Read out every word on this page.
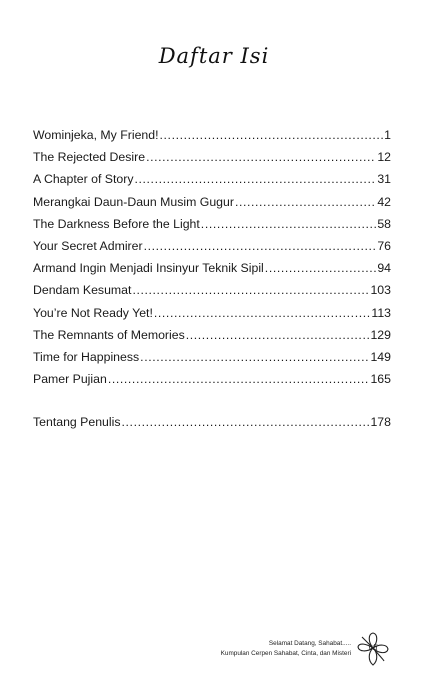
Daftar Isi
Wominjeka, My Friend! .....	1
The Rejected Desire .....	12
A Chapter of Story .....	31
Merangkai Daun-Daun Musim Gugur .....	42
The Darkness Before the Light .....	58
Your Secret Admirer .....	76
Armand Ingin Menjadi Insinyur Teknik Sipil .....	94
Dendam Kesumat .....	103
You’re Not Ready Yet! .....	113
The Remnants of Memories .....	129
Time for Happiness .....	149
Pamer Pujian .....	165
Tentang Penulis .....	178
Selamat Datang, Sahabat.....
Kumpulan Cerpen Sahabat, Cinta, dan Misteri
vii
